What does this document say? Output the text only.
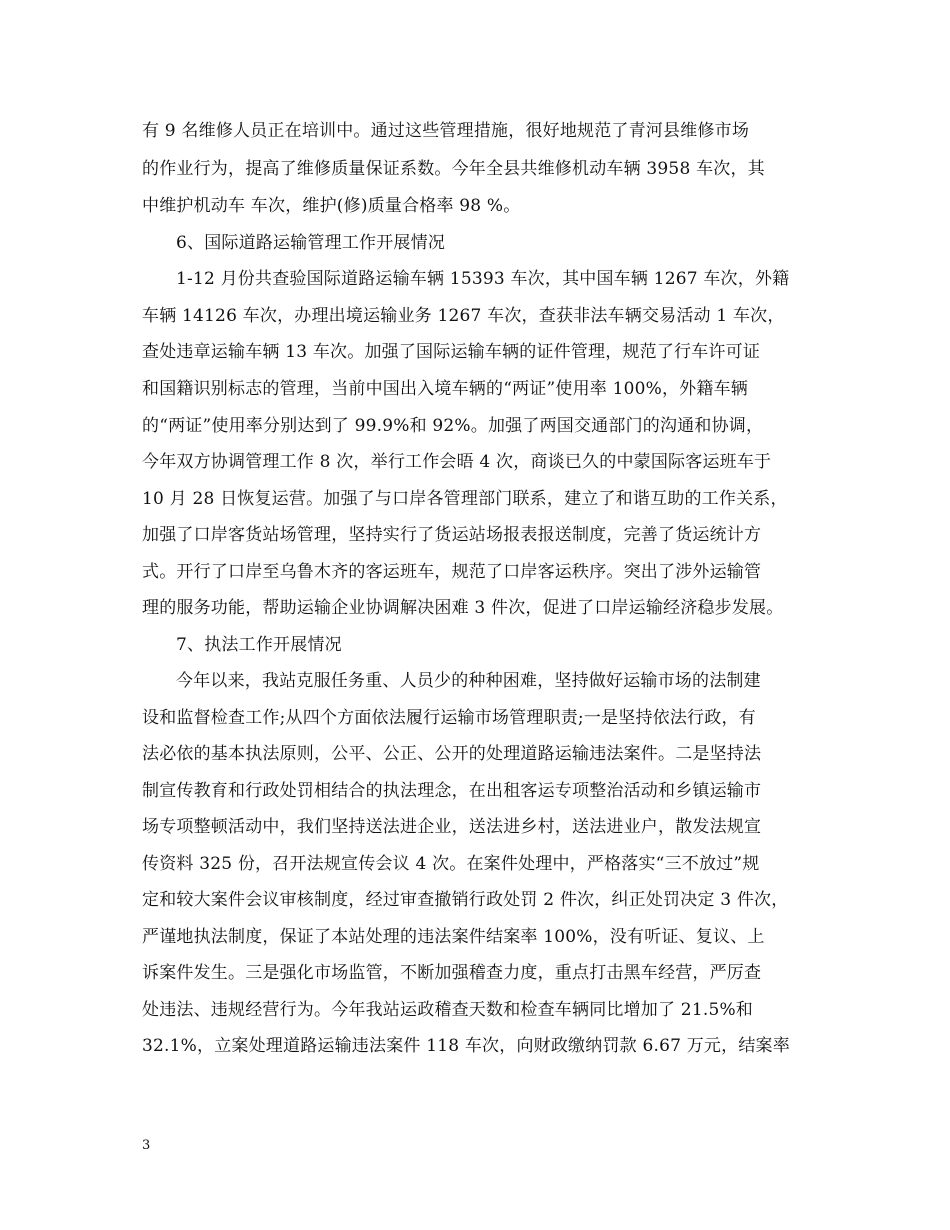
有 9 名维修人员正在培训中。通过这些管理措施，很好地规范了青河县维修市场
的作业行为，提高了维修质量保证系数。今年全县共维修机动车辆 3958 车次，其
中维护机动车 车次，维护(修)质量合格率 98 %。
6、国际道路运输管理工作开展情况
1-12 月份共查验国际道路运输车辆 15393 车次，其中国车辆 1267 车次，外籍
车辆 14126 车次，办理出境运输业务 1267 车次，查获非法车辆交易活动 1 车次，
查处违章运输车辆 13 车次。加强了国际运输车辆的证件管理，规范了行车许可证
和国籍识别标志的管理，当前中国出入境车辆的“两证”使用率 100%，外籍车辆
的“两证”使用率分别达到了 99.9%和 92%。加强了两国交通部门的沟通和协调，
今年双方协调管理工作 8 次，举行工作会晤 4 次，商谈已久的中蒙国际客运班车于
10 月 28 日恢复运营。加强了与口岸各管理部门联系，建立了和谐互助的工作关系，
加强了口岸客货站场管理，坚持实行了货运站场报表报送制度，完善了货运统计方
式。开行了口岸至乌鲁木齐的客运班车，规范了口岸客运秩序。突出了涉外运输管
理的服务功能，帮助运输企业协调解决困难 3 件次，促进了口岸运输经济稳步发展。
7、执法工作开展情况
今年以来，我站克服任务重、人员少的种种困难，坚持做好运输市场的法制建
设和监督检查工作;从四个方面依法履行运输市场管理职责;一是坚持依法行政，有
法必依的基本执法原则，公平、公正、公开的处理道路运输违法案件。二是坚持法
制宣传教育和行政处罚相结合的执法理念，在出租客运专项整治活动和乡镇运输市
场专项整顿活动中，我们坚持送法进企业，送法进乡村，送法进业户，散发法规宣
传资料 325 份，召开法规宣传会议 4 次。在案件处理中，严格落实“三不放过”规
定和较大案件会议审核制度，经过审查撤销行政处罚 2 件次，纠正处罚决定 3 件次，
严谨地执法制度，保证了本站处理的违法案件结案率 100%，没有听证、复议、上
诉案件发生。三是强化市场监管，不断加强稽查力度，重点打击黑车经营，严厉查
处违法、违规经营行为。今年我站运政稽查天数和检查车辆同比增加了 21.5%和
32.1%，立案处理道路运输违法案件 118 车次，向财政缴纳罚款 6.67 万元，结案率
3
